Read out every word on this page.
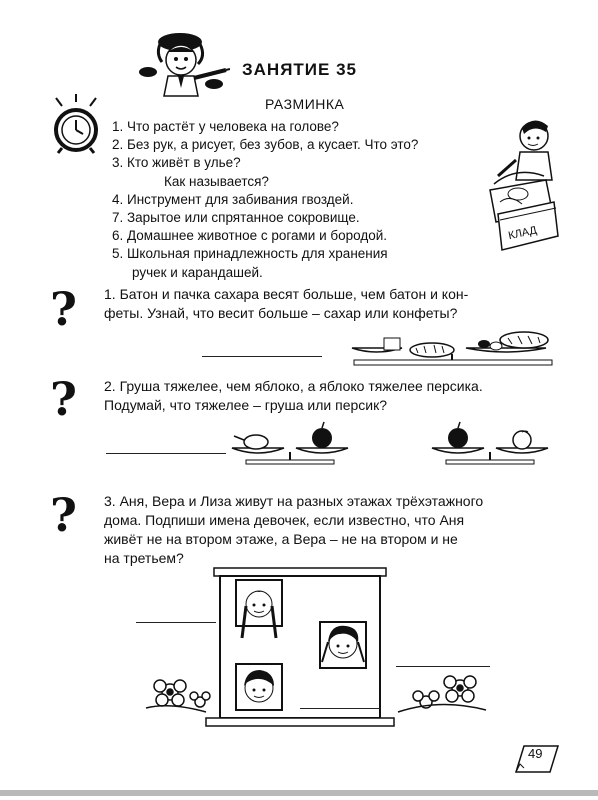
ЗАНЯТИЕ 35
РАЗМИНКА
1. Что растёт у человека на голове?
2. Без рук, а рисует, без зубов, а кусает. Что это?
3. Кто живёт в улье?
Как называется?
4. Инструмент для забивания гвоздей.
7. Зарытое или спрятанное сокровище.
6. Домашнее животное с рогами и бородой.
5. Школьная принадлежность для хранения
ручек и карандашей.
КЛАД
? 1. Батон и пачка сахара весят больше, чем батон и кон-
феты. Узнай, что весит больше – сахар или конфеты?
? 2. Груша тяжелее, чем яблоко, а яблоко тяжелее персика.
Подумай, что тяжелее – груша или персик?
? 3. Аня, Вера и Лиза живут на разных этажах трёхэтажного
дома. Подпиши имена девочек, если известно, что Аня
живёт не на втором этаже, а Вера – не на втором и не
на третьем?
49
